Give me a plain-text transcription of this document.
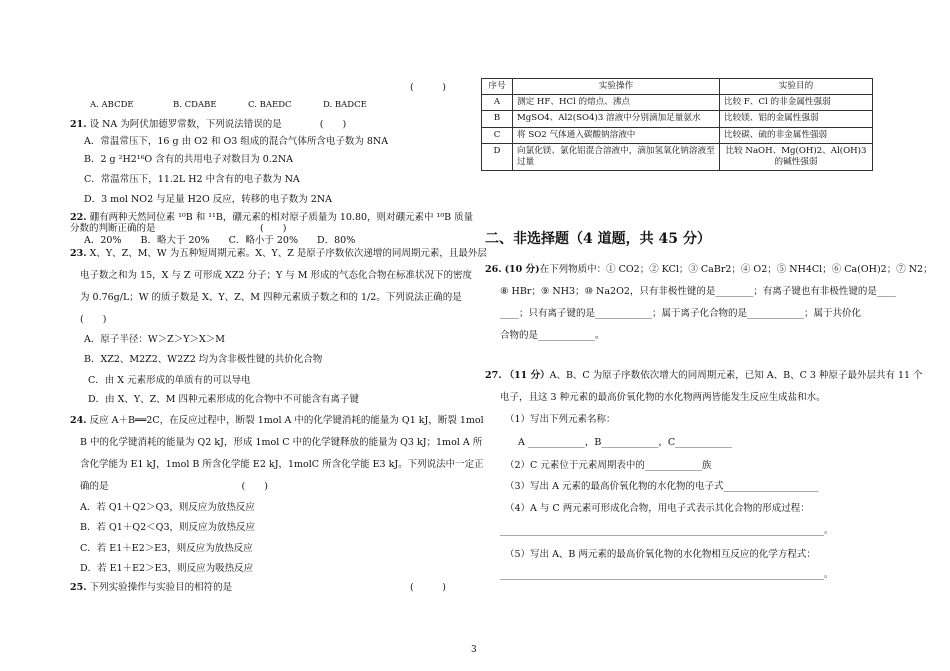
(　　　)
A. ABCDE	B. CDABE	C. BAEDC	D. BADCE
21. 设 NA 为阿伏加德罗常数，下列说法错误的是　　　　(　　)
A．常温常压下，16 g 由 O2 和 O3 组成的混合气体所含电子数为 8NA
B．2 g ²H2¹⁶O 含有的共用电子对数目为 0.2NA
C．常温常压下，11.2L H2 中含有的电子数为 NA
D．3 mol NO2 与足量 H2O 反应，转移的电子数为 2NA
22. 硼有两种天然同位素 ¹⁰B 和 ¹¹B，硼元素的相对原子质量为 10.80，则对硼元素中 ¹⁰B 质量
分数的判断正确的是　　　　　　　　　　　(　　)
A．20%　　B．略大于 20%　　C．略小于 20%　　D．80%
23. X、Y、Z、M、W 为五种短周期元素。X、Y、Z 是原子序数依次递增的同周期元素，且最外层
电子数之和为 15，X 与 Z 可形成 XZ2 分子；Y 与 M 形成的气态化合物在标准状况下的密度
为 0.76g/L；W 的质子数是 X、Y、Z、M 四种元素质子数之和的 1/2。下列说法正确的是
(　　)
A．原子半径：W＞Z＞Y＞X＞M
B．XZ2、M2Z2、W2Z2 均为含非极性键的共价化合物
C．由 X 元素形成的单质有的可以导电
D．由 X、Y、Z、M 四种元素形成的化合物中不可能含有离子键
24. 反应 A＋B══2C，在反应过程中，断裂 1mol A 中的化学键消耗的能量为 Q1 kJ，断裂 1mol
B 中的化学键消耗的能量为 Q2 kJ，形成 1mol C 中的化学键释放的能量为 Q3 kJ；1mol A 所
含化学能为 E1 kJ，1mol B 所含化学能 E2 kJ，1molC 所含化学能 E3 kJ。下列说法中一定正
确的是　　　　　　　　　　　　　　(　　)
A．若 Q1＋Q2＞Q3，则反应为放热反应
B．若 Q1＋Q2＜Q3，则反应为放热反应
C．若 E1＋E2＞E3，则反应为放热反应
D．若 E1＋E2＞E3，则反应为吸热反应
25. 下列实验操作与实验目的相符的是	(　　　)
序号	实验操作	实验目的
A	测定 HF、HCl 的熔点、沸点	比较 F、Cl 的非金属性强弱
B	MgSO4、Al2(SO4)3 溶液中分别滴加足量氨水	比较镁、铝的金属性强弱
C	将 SO2 气体通入碳酸钠溶液中	比较碳、硫的非金属性强弱
D	向氯化镁、氯化铝混合溶液中，滴加氢氧化钠溶液至过量	比较 NaOH、Mg(OH)2、Al(OH)3 的碱性强弱
二、非选择题（4 道题，共 45 分）
26. (10 分)在下列物质中：① CO2；② KCl；③ CaBr2；④ O2；⑤ NH4Cl；⑥ Ca(OH)2；⑦ N2；
⑧ HBr；⑨ NH3；⑩ Na2O2，只有非极性键的是________；有离子键也有非极性键的是____
____；只有离子键的是____________；属于离子化合物的是____________；属于共价化
合物的是____________。
27. （11 分）A、B、C 为原子序数依次增大的同周期元素，已知 A、B、C 3 种原子最外层共有 11 个
电子，且这 3 种元素的最高价氧化物的水化物两两皆能发生反应生成盐和水。
（1）写出下列元素名称：
A ____________，B____________，C____________
（2）C 元素位于元素周期表中的____________族
（3）写出 A 元素的最高价氧化物的水化物的电子式____________________
（4）A 与 C 两元素可形成化合物，用电子式表示其化合物的形成过程：
________________________________________________________________________。
（5）写出 A、B 两元素的最高价氧化物的水化物相互反应的化学方程式：
________________________________________________________________________。
3
